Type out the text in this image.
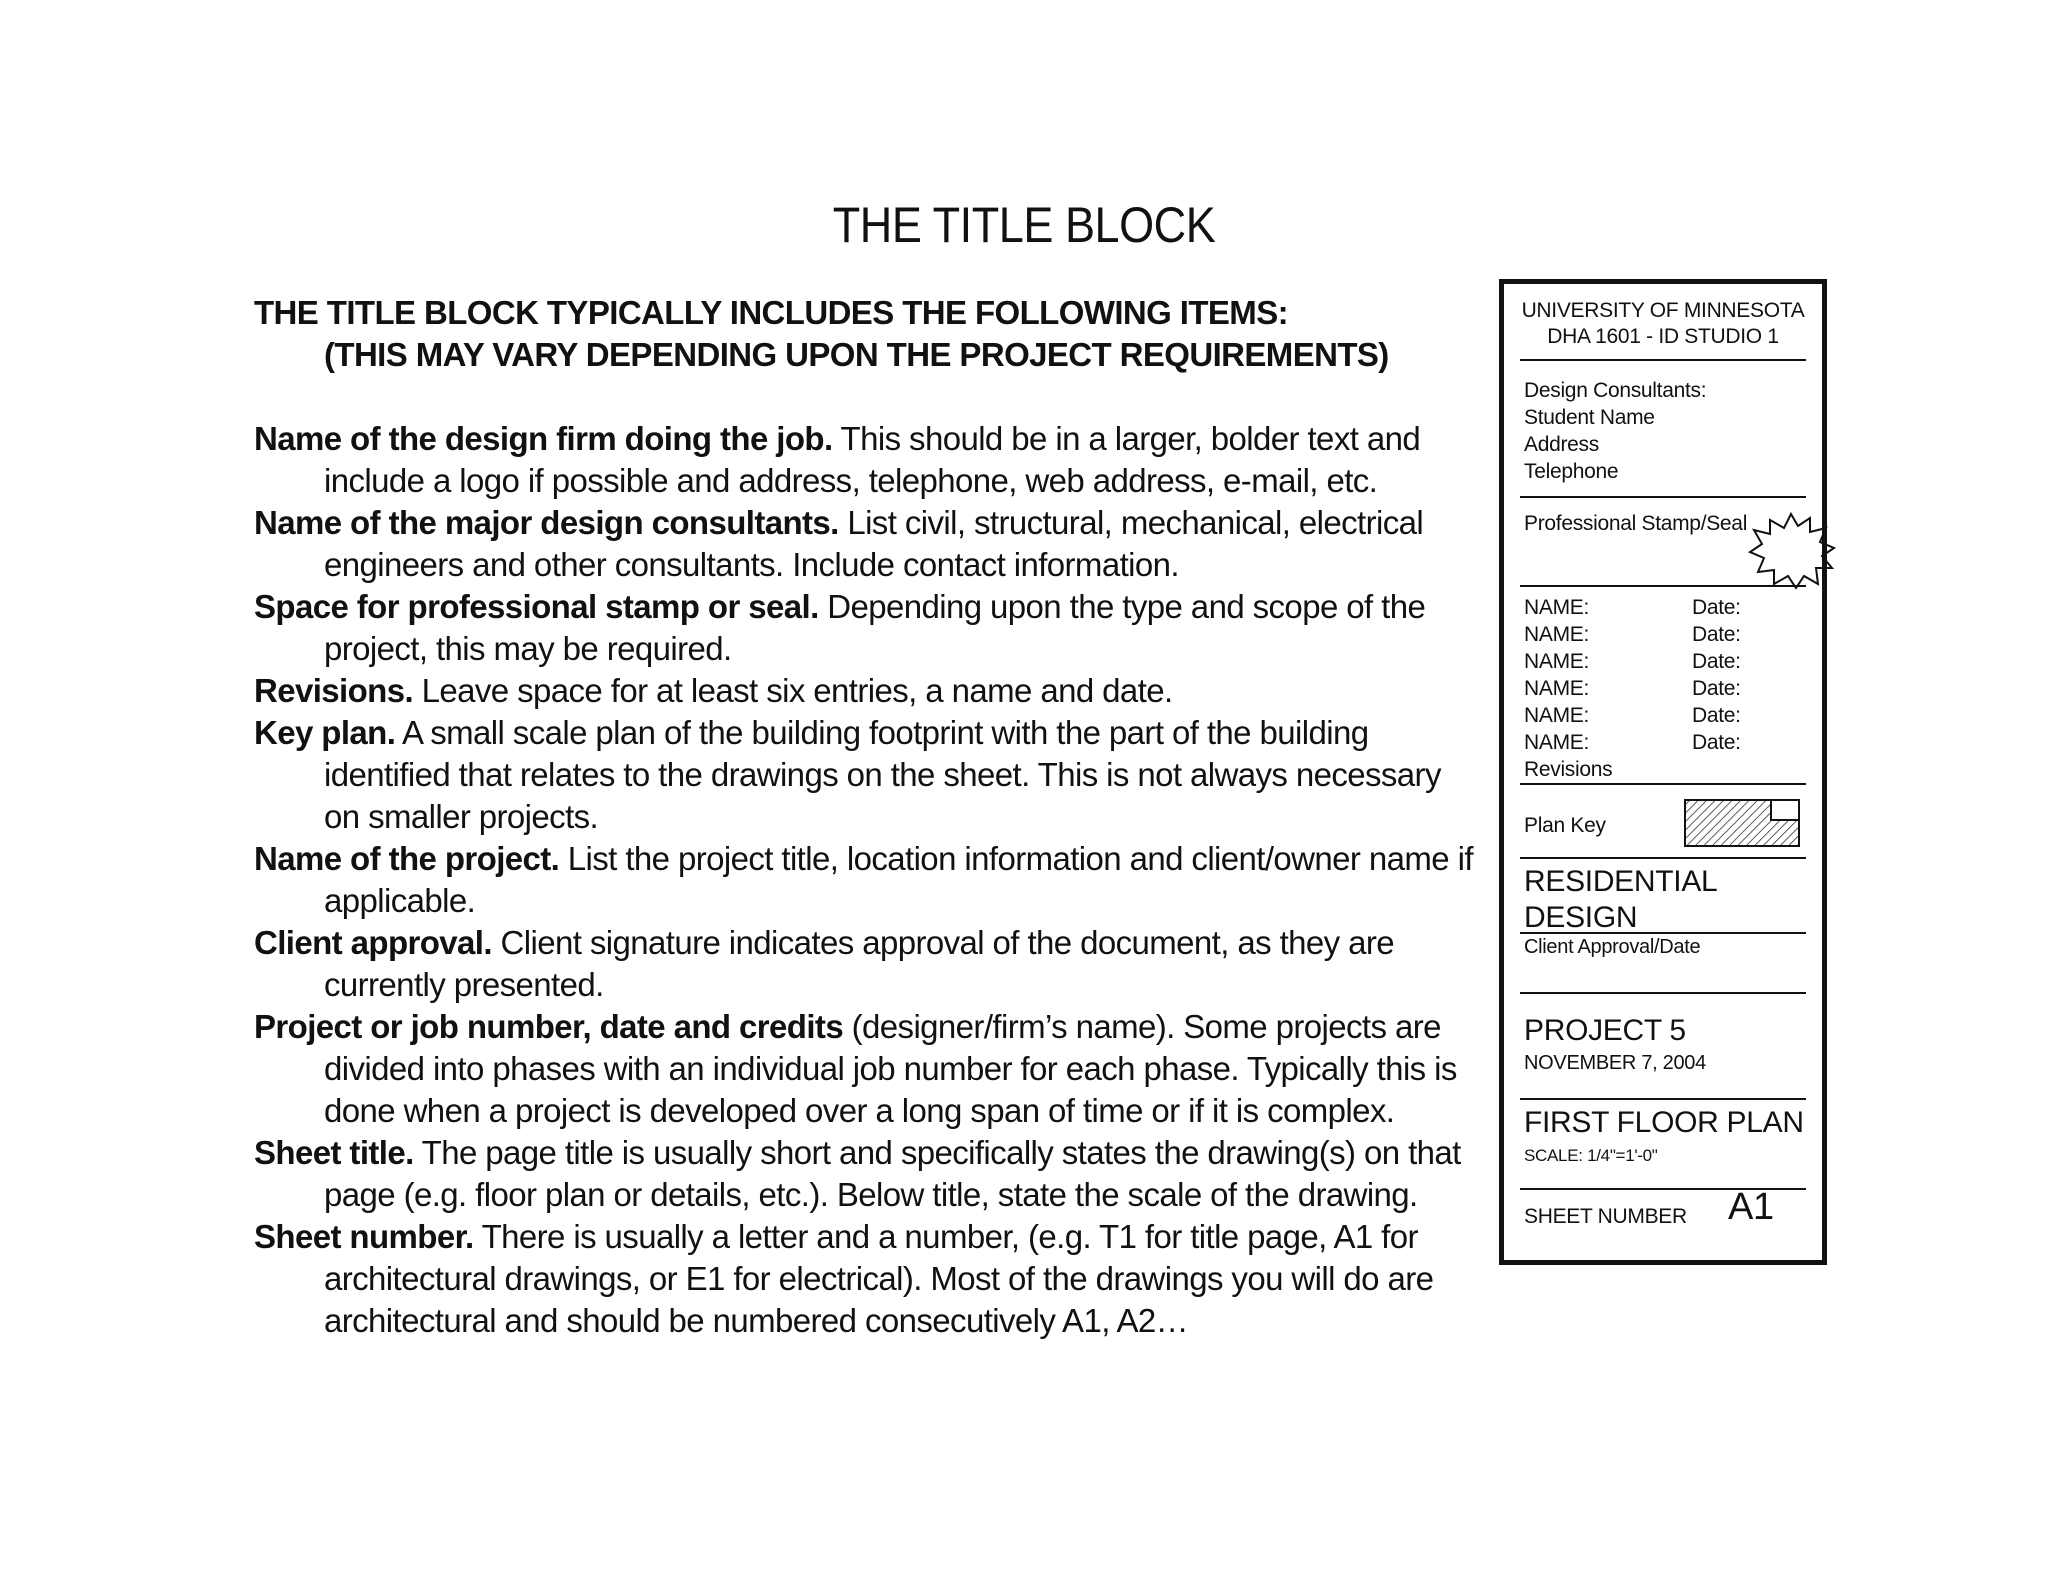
THE TITLE BLOCK

THE TITLE BLOCK TYPICALLY INCLUDES THE FOLLOWING ITEMS:
(THIS MAY VARY DEPENDING UPON THE PROJECT REQUIREMENTS)

Name of the design firm doing the job. This should be in a larger, bolder text and include a logo if possible and address, telephone, web address, e-mail, etc.
Name of the major design consultants. List civil, structural, mechanical, electrical engineers and other consultants. Include contact information.
Space for professional stamp or seal. Depending upon the type and scope of the project, this may be required.
Revisions. Leave space for at least six entries, a name and date.
Key plan. A small scale plan of the building footprint with the part of the building identified that relates to the drawings on the sheet. This is not always necessary on smaller projects.
Name of the project. List the project title, location information and client/owner name if applicable.
Client approval. Client signature indicates approval of the document, as they are currently presented.
Project or job number, date and credits (designer/firm’s name). Some projects are divided into phases with an individual job number for each phase. Typically this is done when a project is developed over a long span of time or if it is complex.
Sheet title. The page title is usually short and specifically states the drawing(s) on that page (e.g. floor plan or details, etc.). Below title, state the scale of the drawing.
Sheet number. There is usually a letter and a number, (e.g. T1 for title page, A1 for architectural drawings, or E1 for electrical). Most of the drawings you will do are architectural and should be numbered consecutively A1, A2…
UNIVERSITY OF MINNESOTA
DHA 1601 - ID STUDIO 1
Design Consultants:
Student Name
Address
Telephone
Professional Stamp/Seal
NAME:	Date:
NAME:	Date:
NAME:	Date:
NAME:	Date:
NAME:	Date:
NAME:	Date:
Revisions
Plan Key
RESIDENTIAL DESIGN
Client Approval/Date
PROJECT 5
NOVEMBER 7, 2004
FIRST FLOOR PLAN
SCALE: 1/4"=1'-0"
SHEET NUMBER A1
